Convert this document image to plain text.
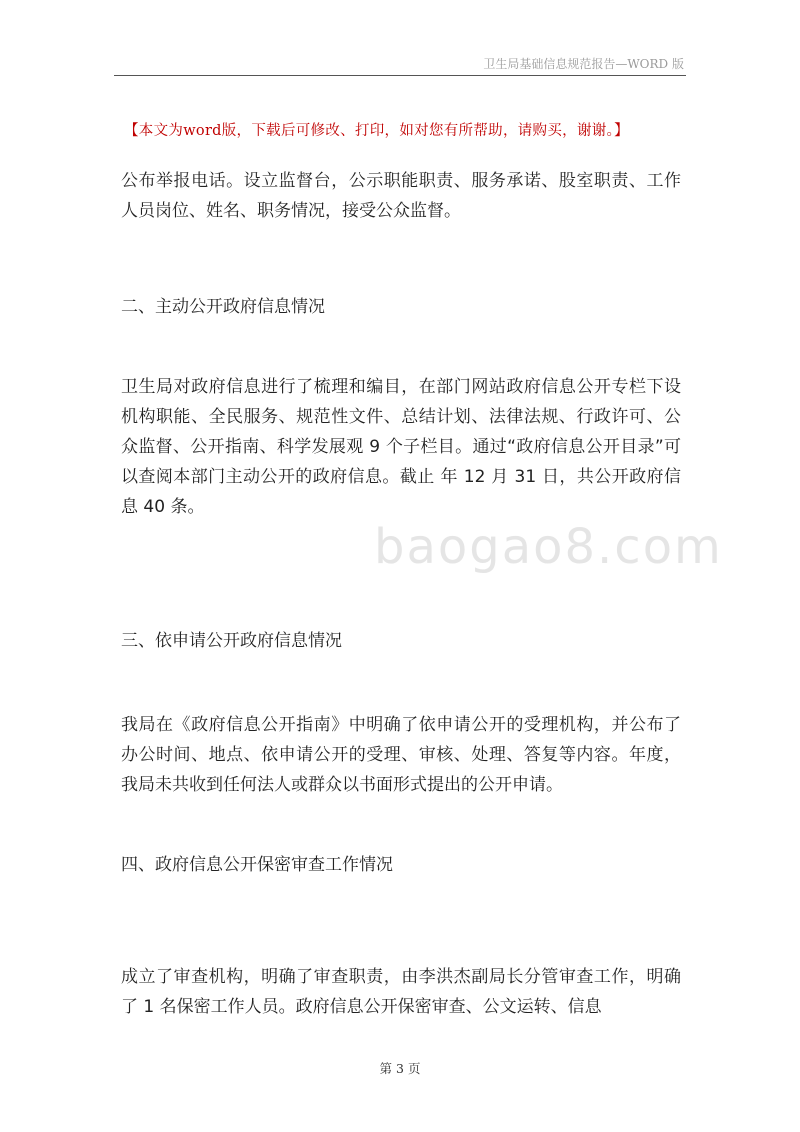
卫生局基础信息规范报告—WORD 版
【本文为word版，下载后可修改、打印，如对您有所帮助，请购买，谢谢。】
公布举报电话。设立监督台，公示职能职责、服务承诺、股室职责、工作人员岗位、姓名、职务情况，接受公众监督。
二、主动公开政府信息情况
卫生局对政府信息进行了梳理和编目，在部门网站政府信息公开专栏下设机构职能、全民服务、规范性文件、总结计划、法律法规、行政许可、公众监督、公开指南、科学发展观 9 个子栏目。通过“政府信息公开目录”可以查阅本部门主动公开的政府信息。截止 年 12 月 31 日，共公开政府信息 40 条。
三、依申请公开政府信息情况
我局在《政府信息公开指南》中明确了依申请公开的受理机构，并公布了办公时间、地点、依申请公开的受理、审核、处理、答复等内容。年度，我局未共收到任何法人或群众以书面形式提出的公开申请。
四、政府信息公开保密审查工作情况
成立了审查机构，明确了审查职责，由李洪杰副局长分管审查工作，明确了 1 名保密工作人员。政府信息公开保密审查、公文运转、信息
baogao8.com
第 3 页
